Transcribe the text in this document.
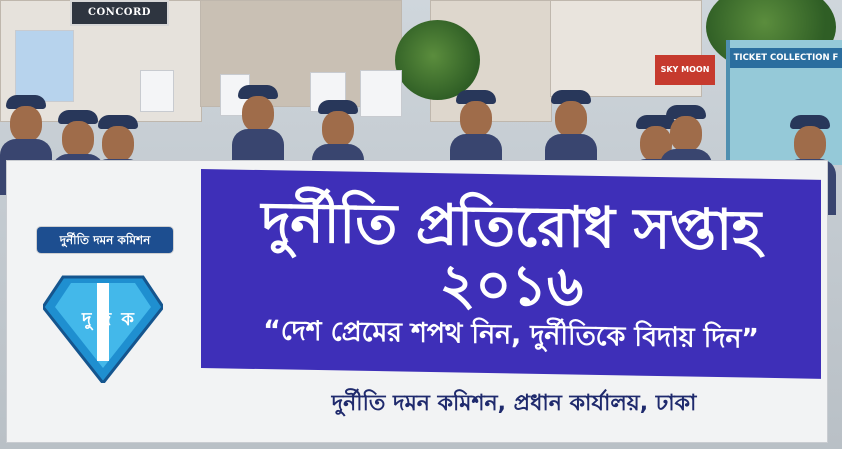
CONCORD
SKY MOON
TICKET COLLECTION F
দুর্নীতি দমন কমিশন
দু দ ক
দুর্নীতি প্রতিরোধ সপ্তাহ ২০১৬
“দেশ প্রেমের শপথ নিন, দুর্নীতিকে বিদায় দিন”
দুর্নীতি দমন কমিশন, প্রধান কার্যালয়, ঢাকা
